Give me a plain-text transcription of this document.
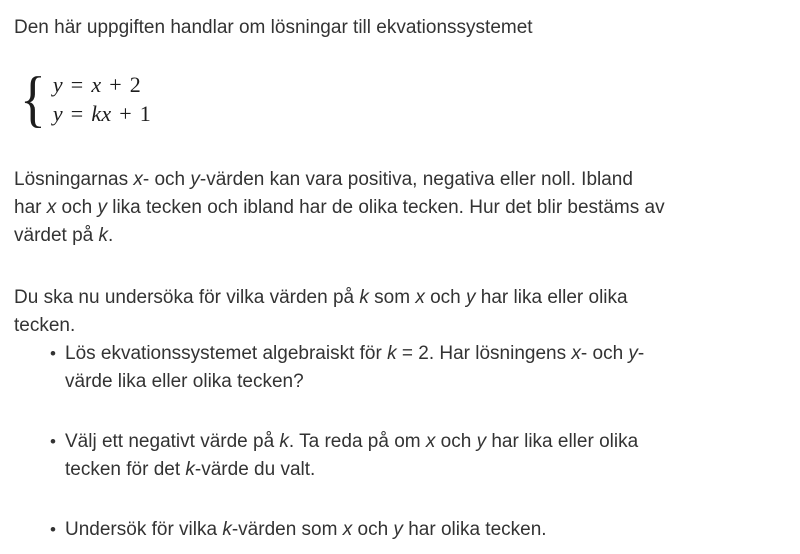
Den här uppgiften handlar om lösningar till ekvationssystemet

{ y = x + 2
y = kx + 1

Lösningarnas x- och y-värden kan vara positiva, negativa eller noll. Ibland
har x och y lika tecken och ibland har de olika tecken. Hur det blir bestäms av
värdet på k.

Du ska nu undersöka för vilka värden på k som x och y har lika eller olika
tecken.

• Lös ekvationssystemet algebraiskt för k = 2. Har lösningens x- och y-
värde lika eller olika tecken?
• Välj ett negativt värde på k. Ta reda på om x och y har lika eller olika
tecken för det k-värde du valt.
• Undersök för vilka k-värden som x och y har olika tecken.
